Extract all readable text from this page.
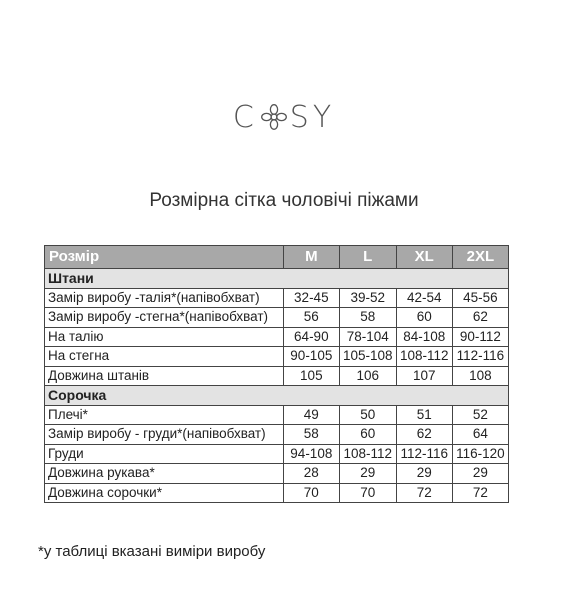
C SY
Розмірна сітка чоловічі піжами
Розмір	M	L	XL	2XL
Штани				
Замір виробу -талія*(напівобхват)	32-45	39-52	42-54	45-56
Замір виробу -стегна*(напівобхват)	56	58	60	62
На талію	64-90	78-104	84-108	90-112
На стегна	90-105	105-108	108-112	112-116
Довжина штанів	105	106	107	108
Сорочка				
Плечі*	49	50	51	52
Замір виробу - груди*(напівобхват)	58	60	62	64
Груди	94-108	108-112	112-116	116-120
Довжина рукава*	28	29	29	29
Довжина сорочки*	70	70	72	72
*у таблиці вказані виміри виробу
